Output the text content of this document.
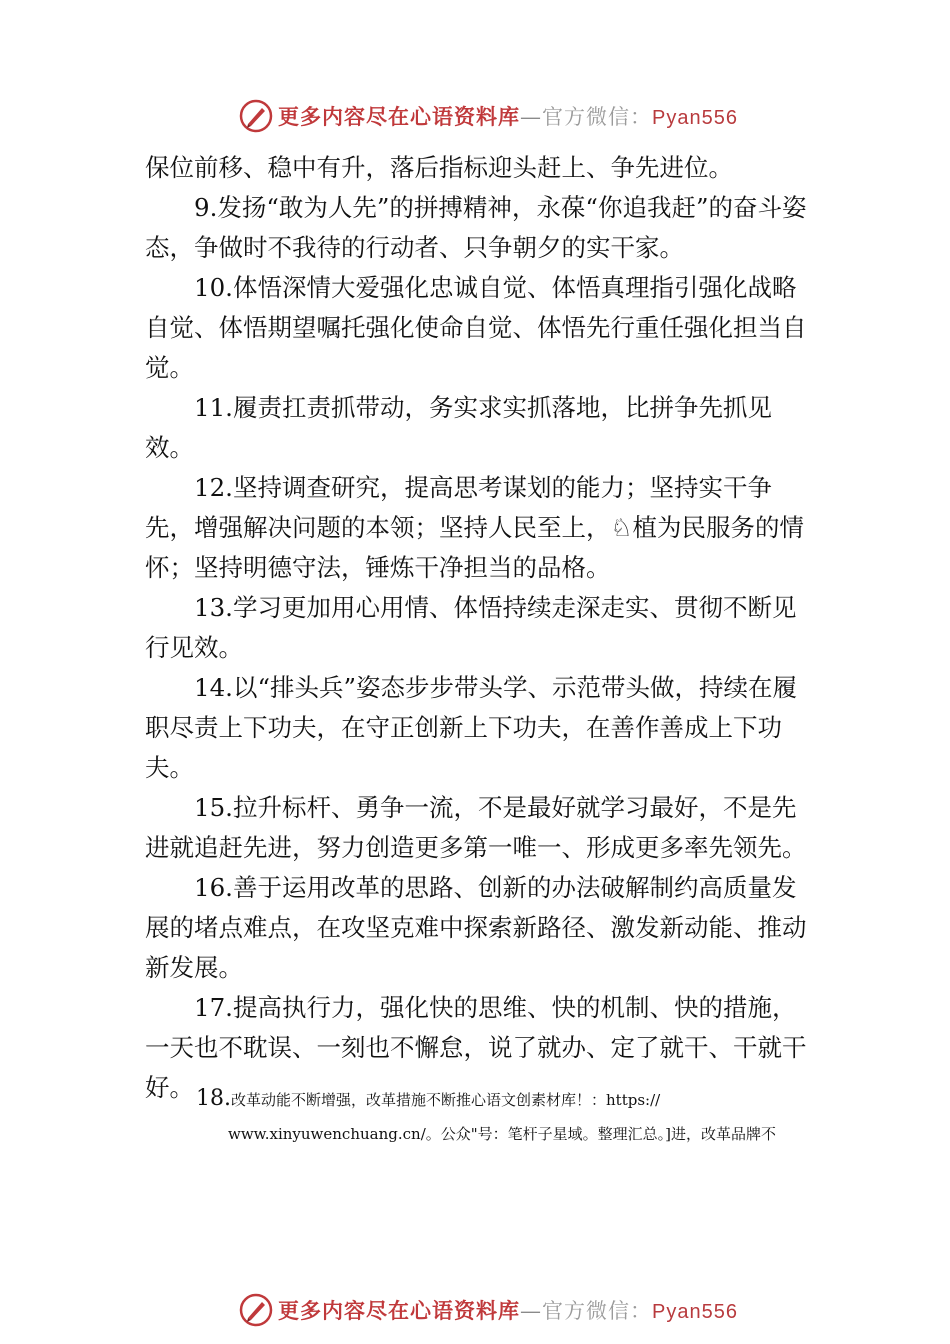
更多内容尽在心语资料库—官方微信：Pyan556

保位前移、稳中有升，落后指标迎头赶上、争先进位。

9.发扬“敢为人先”的拼搏精神，永葆“你追我赶”的奋斗姿态，争做时不我待的行动者、只争朝夕的实干家。

10.体悟深情大爱强化忠诚自觉、体悟真理指引强化战略自觉、体悟期望嘱托强化使命自觉、体悟先行重任强化担当自觉。

11.履责扛责抓带动，务实求实抓落地，比拼争先抓见效。

12.坚持调查研究，提高思考谋划的能力；坚持实干争先，增强解决问题的本领；坚持人民至上，♘植为民服务的情怀；坚持明德守法，锤炼干净担当的品格。

13.学习更加用心用情、体悟持续走深走实、贯彻不断见行见效。

14.以“排头兵”姿态步步带头学、示范带头做，持续在履职尽责上下功夫，在守正创新上下功夫，在善作善成上下功夫。

15.拉升标杆、勇争一流，不是最好就学习最好，不是先进就追赶先进，努力创造更多第一唯一、形成更多率先领先。

16.善于运用改革的思路、创新的办法破解制约高质量发展的堵点难点，在攻坚克难中探索新路径、激发新动能、推动新发展。

17.提高执行力，强化快的思维、快的机制、快的措施，一天也不耽误、一刻也不懈怠，说了就办、定了就干、干就干好。 18.改革动能不断增强，改革措施不断推心语文创素材库！：https://
www.xinyuwenchuang.cn/。公众"号：笔杆子星域。整理汇总。]进，改革品牌不
更多内容尽在心语资料库—官方微信：Pyan556
